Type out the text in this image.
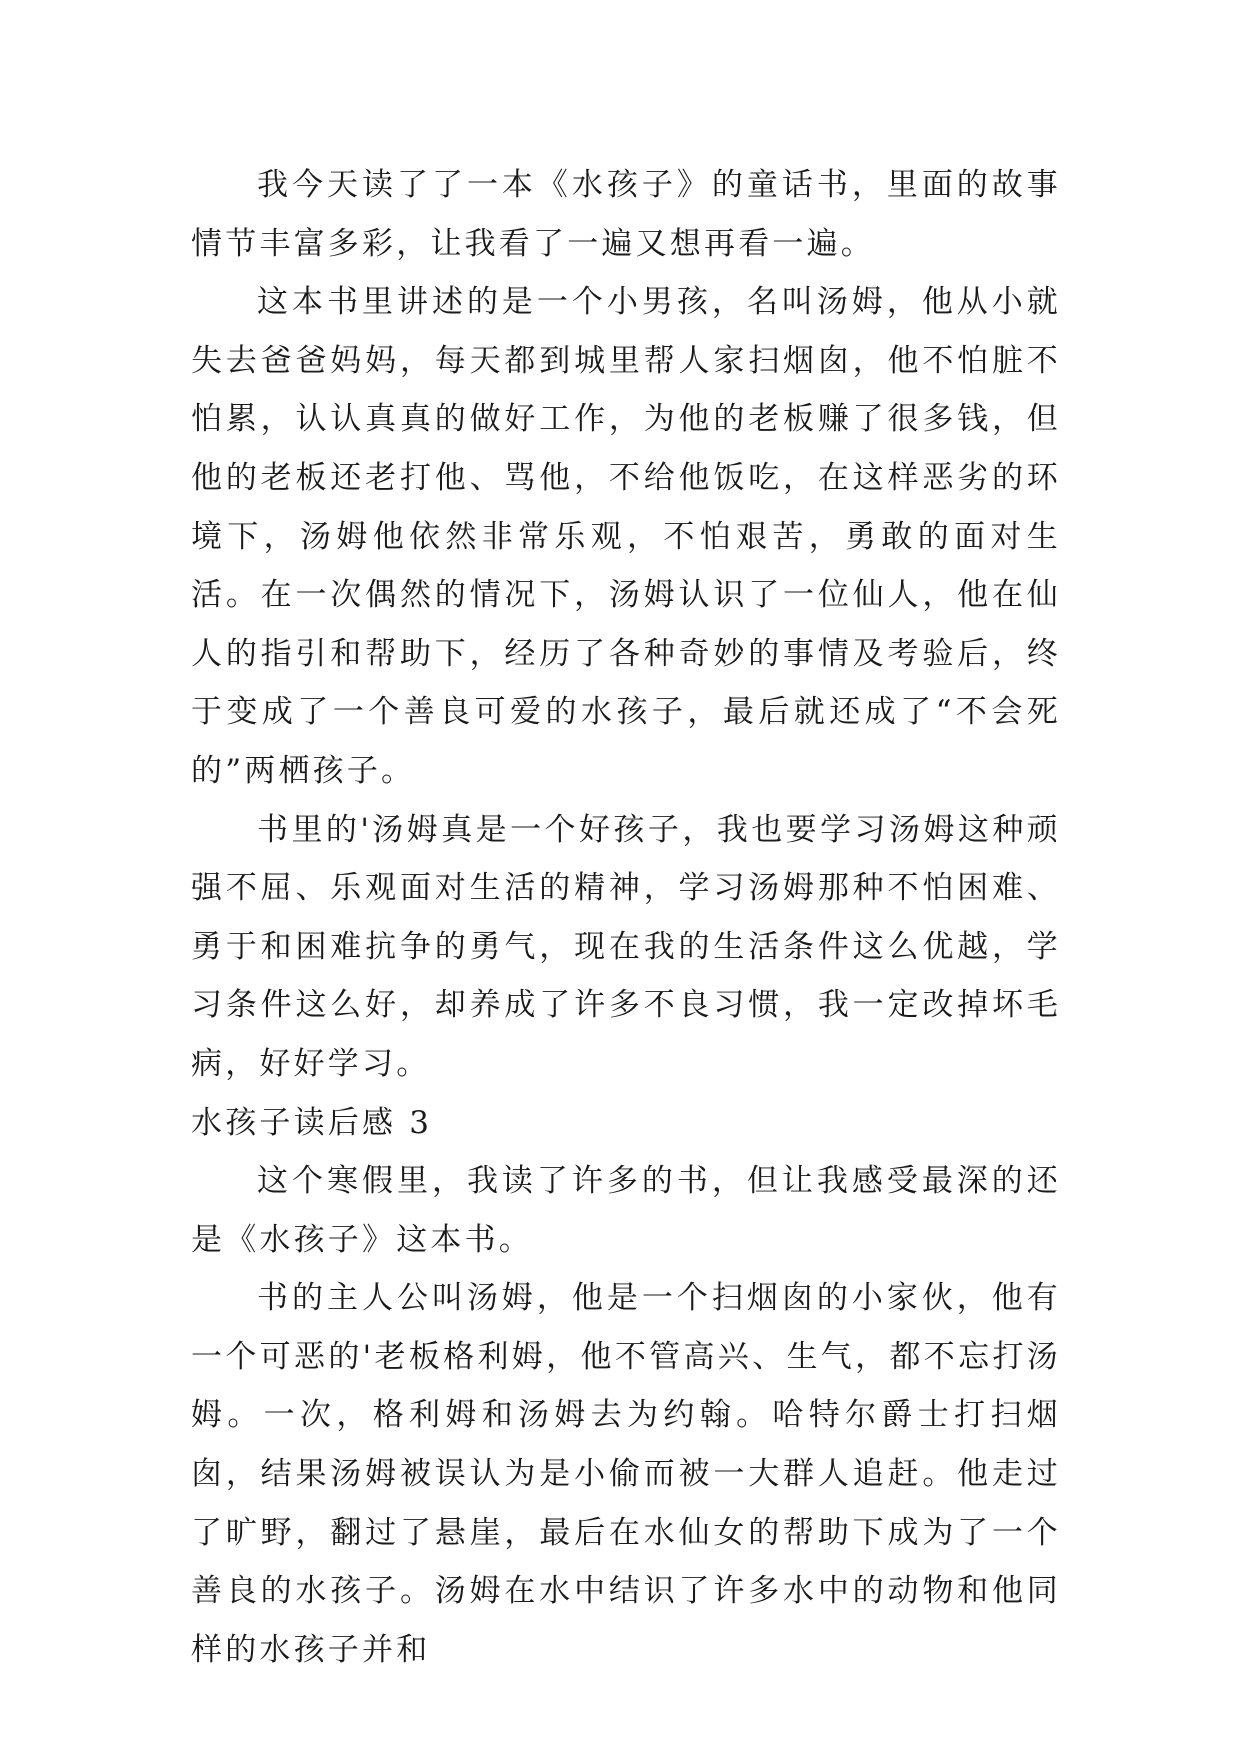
我今天读了了一本《水孩子》的童话书，里面的故事情节丰富多彩，让我看了一遍又想再看一遍。

这本书里讲述的是一个小男孩，名叫汤姆，他从小就失去爸爸妈妈，每天都到城里帮人家扫烟囱，他不怕脏不怕累，认认真真的做好工作，为他的老板赚了很多钱，但他的老板还老打他、骂他，不给他饭吃，在这样恶劣的环境下，汤姆他依然非常乐观，不怕艰苦，勇敢的面对生活。在一次偶然的情况下，汤姆认识了一位仙人，他在仙人的指引和帮助下，经历了各种奇妙的事情及考验后，终于变成了一个善良可爱的水孩子，最后就还成了“不会死的”两栖孩子。

书里的'汤姆真是一个好孩子，我也要学习汤姆这种顽强不屈、乐观面对生活的精神，学习汤姆那种不怕困难、勇于和困难抗争的勇气，现在我的生活条件这么优越，学习条件这么好，却养成了许多不良习惯，我一定改掉坏毛病，好好学习。

水孩子读后感 3

这个寒假里，我读了许多的书，但让我感受最深的还是《水孩子》这本书。

书的主人公叫汤姆，他是一个扫烟囱的小家伙，他有一个可恶的'老板格利姆，他不管高兴、生气，都不忘打汤姆。一次，格利姆和汤姆去为约翰。哈特尔爵士打扫烟囱，结果汤姆被误认为是小偷而被一大群人追赶。他走过了旷野，翻过了悬崖，最后在水仙女的帮助下成为了一个善良的水孩子。汤姆在水中结识了许多水中的动物和他同样的水孩子并和
